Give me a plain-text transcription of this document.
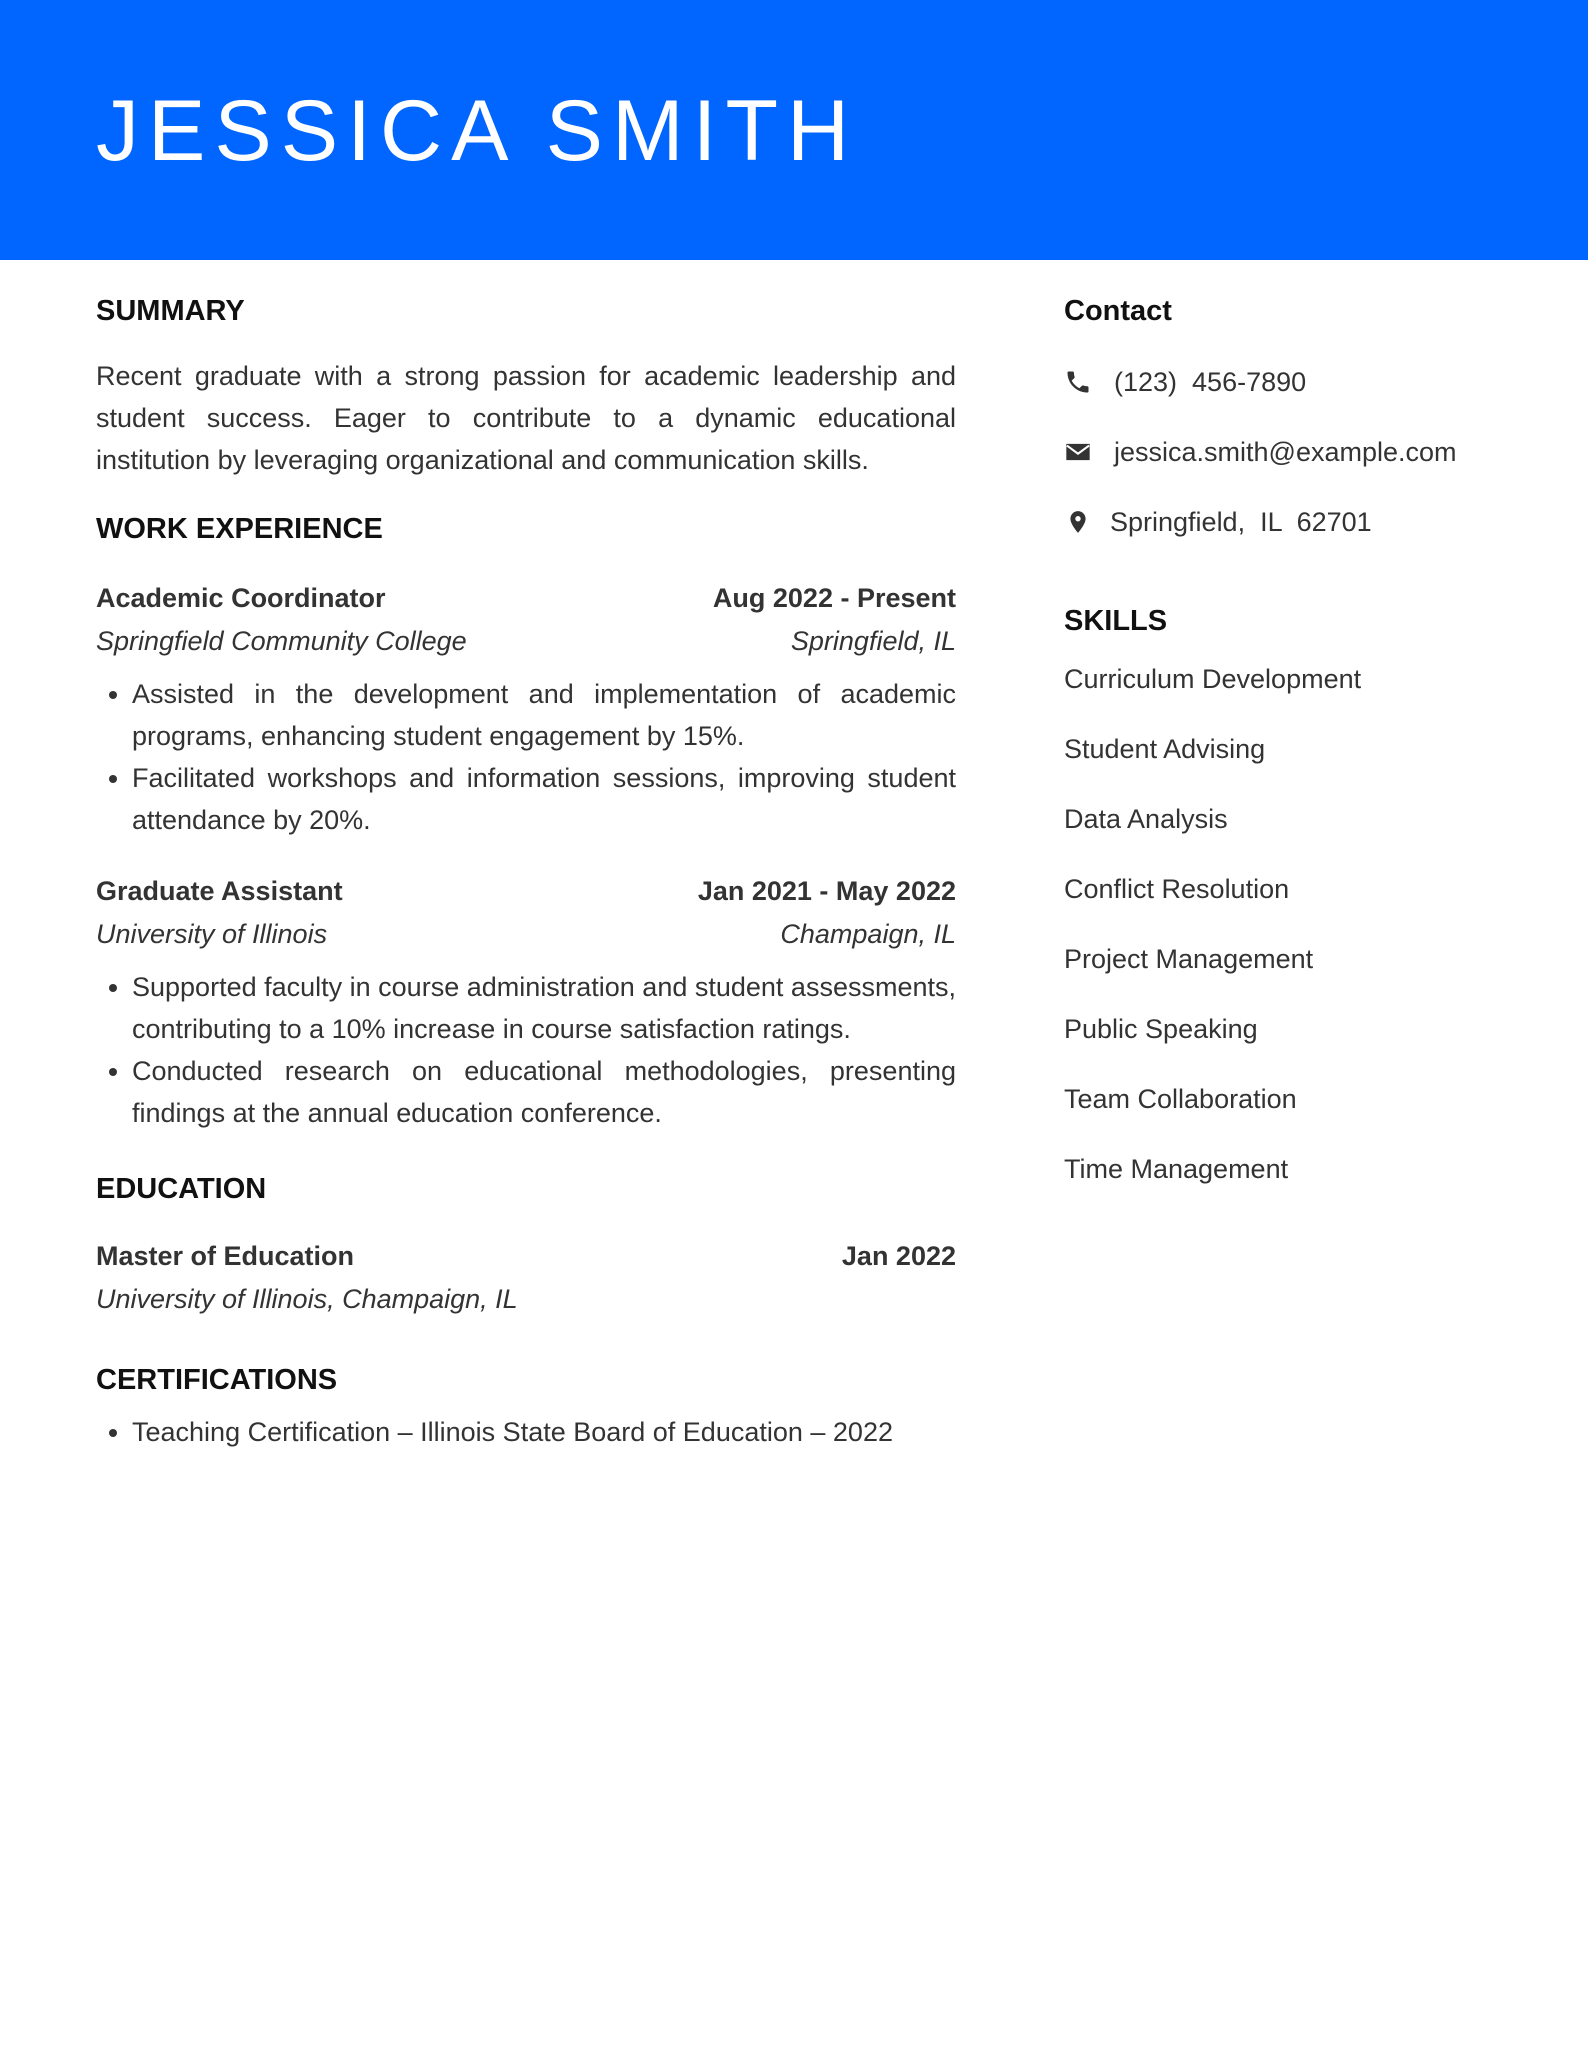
JESSICA SMITH
SUMMARY

Recent graduate with a strong passion for academic leadership and student success. Eager to contribute to a dynamic educational institution by leveraging organizational and communication skills.

WORK EXPERIENCE
Academic Coordinator	Aug 2022 - Present
Springfield Community College	Springfield, IL
• Assisted in the development and implementation of academic programs, enhancing student engagement by 15%.
• Facilitated workshops and information sessions, improving student attendance by 20%.
Graduate Assistant	Jan 2021 - May 2022
University of Illinois	Champaign, IL
• Supported faculty in course administration and student assessments, contributing to a 10% increase in course satisfaction ratings.
• Conducted research on educational methodologies, presenting findings at the annual education conference.
EDUCATION
Master of Education	Jan 2022
University of Illinois, Champaign, IL
CERTIFICATIONS
• Teaching Certification – Illinois State Board of Education – 2022
Contact
(123)  456-7890
jessica.smith@example.com
Springfield,  IL  62701
SKILLS
Curriculum Development
Student Advising
Data Analysis
Conflict Resolution
Project Management
Public Speaking
Team Collaboration
Time Management
